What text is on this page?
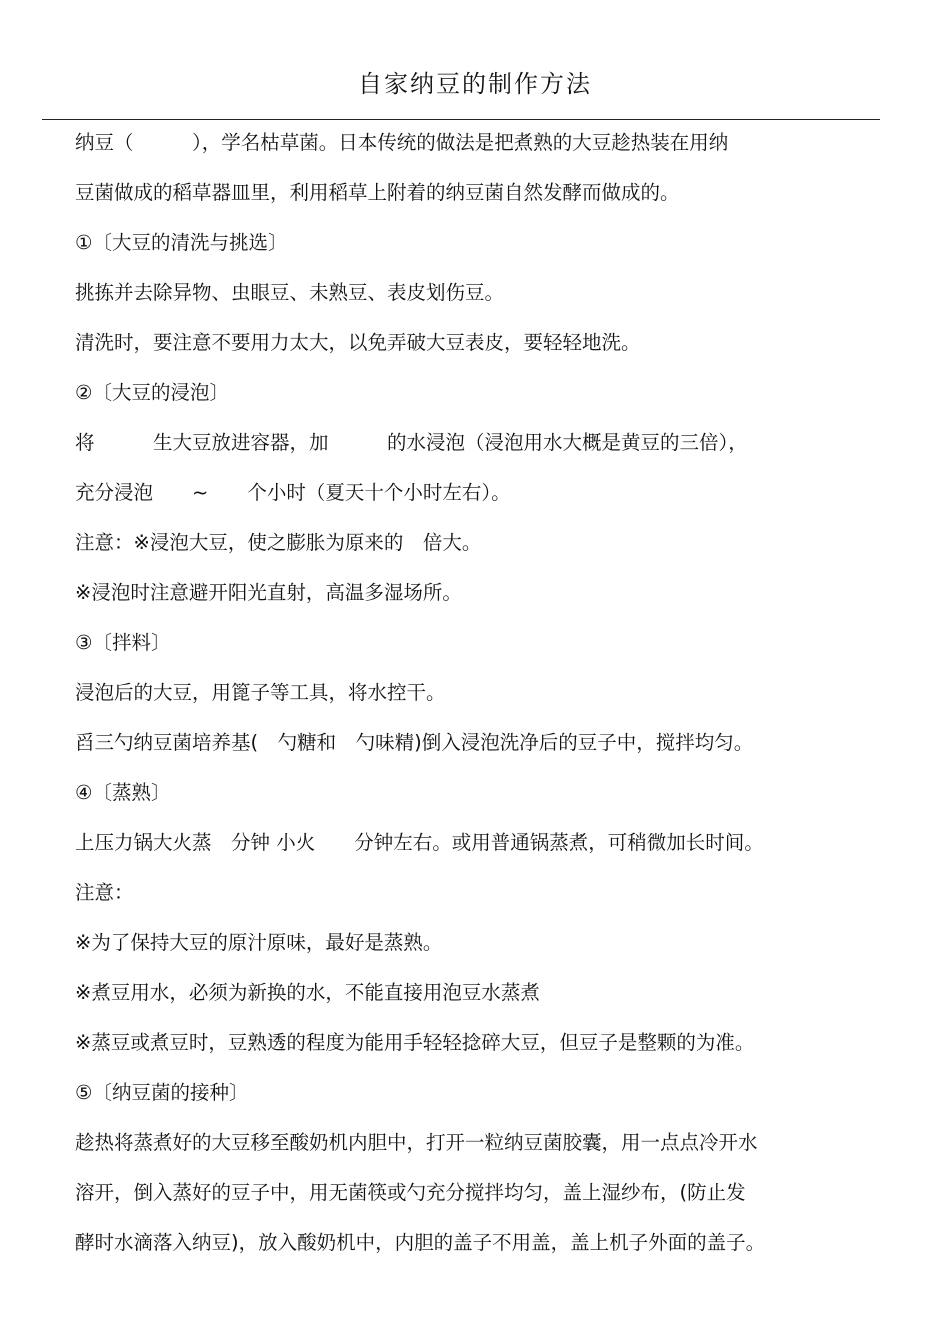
自家纳豆的制作方法
纳豆（　　　），学名枯草菌。日本传统的做法是把煮熟的大豆趁热装在用纳
豆菌做成的稻草器皿里，利用稻草上附着的纳豆菌自然发酵而做成的。
①〔大豆的清洗与挑选〕
挑拣并去除异物、虫眼豆、未熟豆、表皮划伤豆。
清洗时，要注意不要用力太大，以免弄破大豆表皮，要轻轻地洗。
②〔大豆的浸泡〕
将　　　生大豆放进容器，加　　　的水浸泡（浸泡用水大概是黄豆的三倍），
充分浸泡　　~　　个小时（夏天十个小时左右）。
注意：※浸泡大豆，使之膨胀为原来的　倍大。
※浸泡时注意避开阳光直射，高温多湿场所。
③〔拌料〕
浸泡后的大豆，用篦子等工具，将水控干。
舀三勺纳豆菌培养基(　勺糖和　勺味精)倒入浸泡洗净后的豆子中，搅拌均匀。
④〔蒸熟〕
上压力锅大火蒸　分钟 小火　　分钟左右。或用普通锅蒸煮，可稍微加长时间。
注意：
※为了保持大豆的原汁原味，最好是蒸熟。
※煮豆用水，必须为新换的水，不能直接用泡豆水蒸煮
※蒸豆或煮豆时，豆熟透的程度为能用手轻轻捻碎大豆，但豆子是整颗的为准。
⑤〔纳豆菌的接种〕
趁热将蒸煮好的大豆移至酸奶机内胆中，打开一粒纳豆菌胶囊，用一点点冷开水
溶开，倒入蒸好的豆子中，用无菌筷或勺充分搅拌均匀，盖上湿纱布，(防止发
酵时水滴落入纳豆)，放入酸奶机中，内胆的盖子不用盖，盖上机子外面的盖子。
